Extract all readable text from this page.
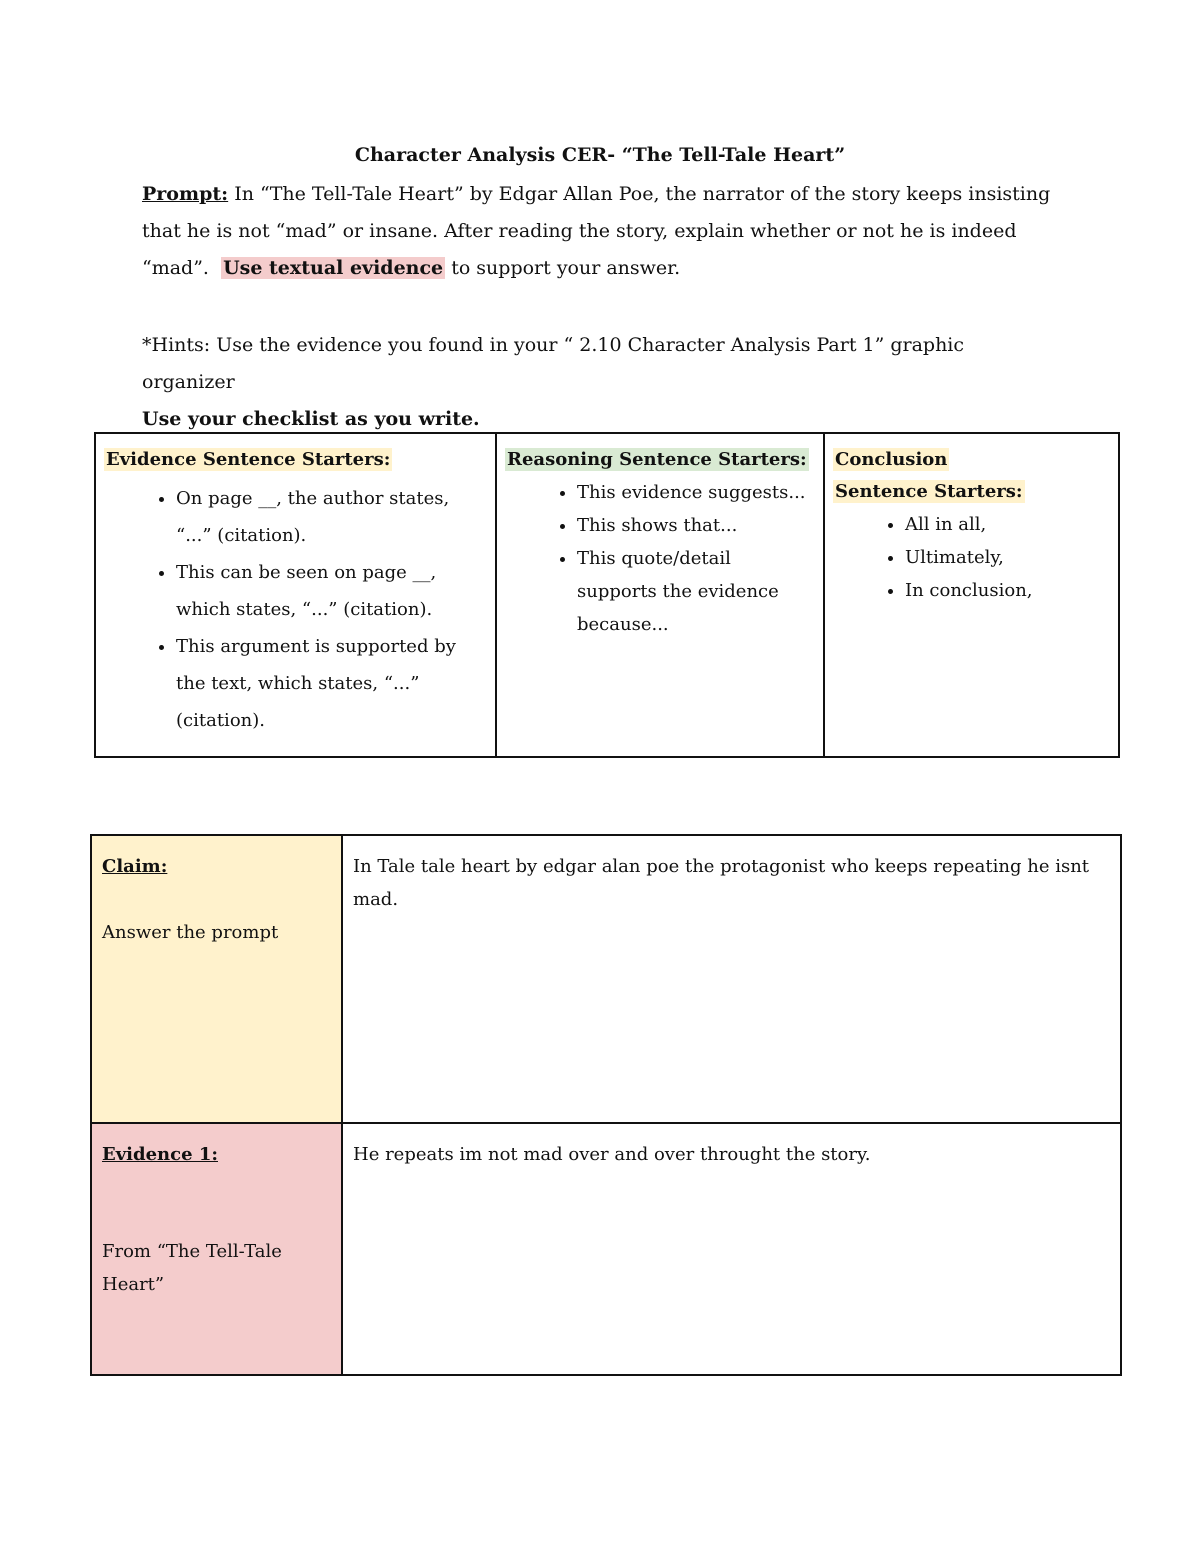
Character Analysis CER- “The Tell-Tale Heart”
Prompt: In “The Tell-Tale Heart” by Edgar Allan Poe, the narrator of the story keeps insisting
that he is not “mad” or insane. After reading the story, explain whether or not he is indeed
“mad”.  Use textual evidence to support your answer.
*Hints: Use the evidence you found in your “ 2.10 Character Analysis Part 1” graphic organizer
Use your checklist as you write.
Evidence Sentence Starters:
• On page __, the author states, “...” (citation).
• This can be seen on page __, which states, “...” (citation).
• This argument is supported by the text, which states, “...” (citation).
	Reasoning Sentence Starters:
• This evidence suggests...
• This shows that...
• This quote/detail supports the evidence because...

Conclusion Sentence Starters:
• All in all,
• Ultimately,
• In conclusion,
Claim:
Answer the prompt	In Tale tale heart by edgar alan poe the protagonist who keeps repeating he isnt mad.

Evidence 1:
From “The Tell-Tale Heart”	He repeats im not mad over and over throught the story.
